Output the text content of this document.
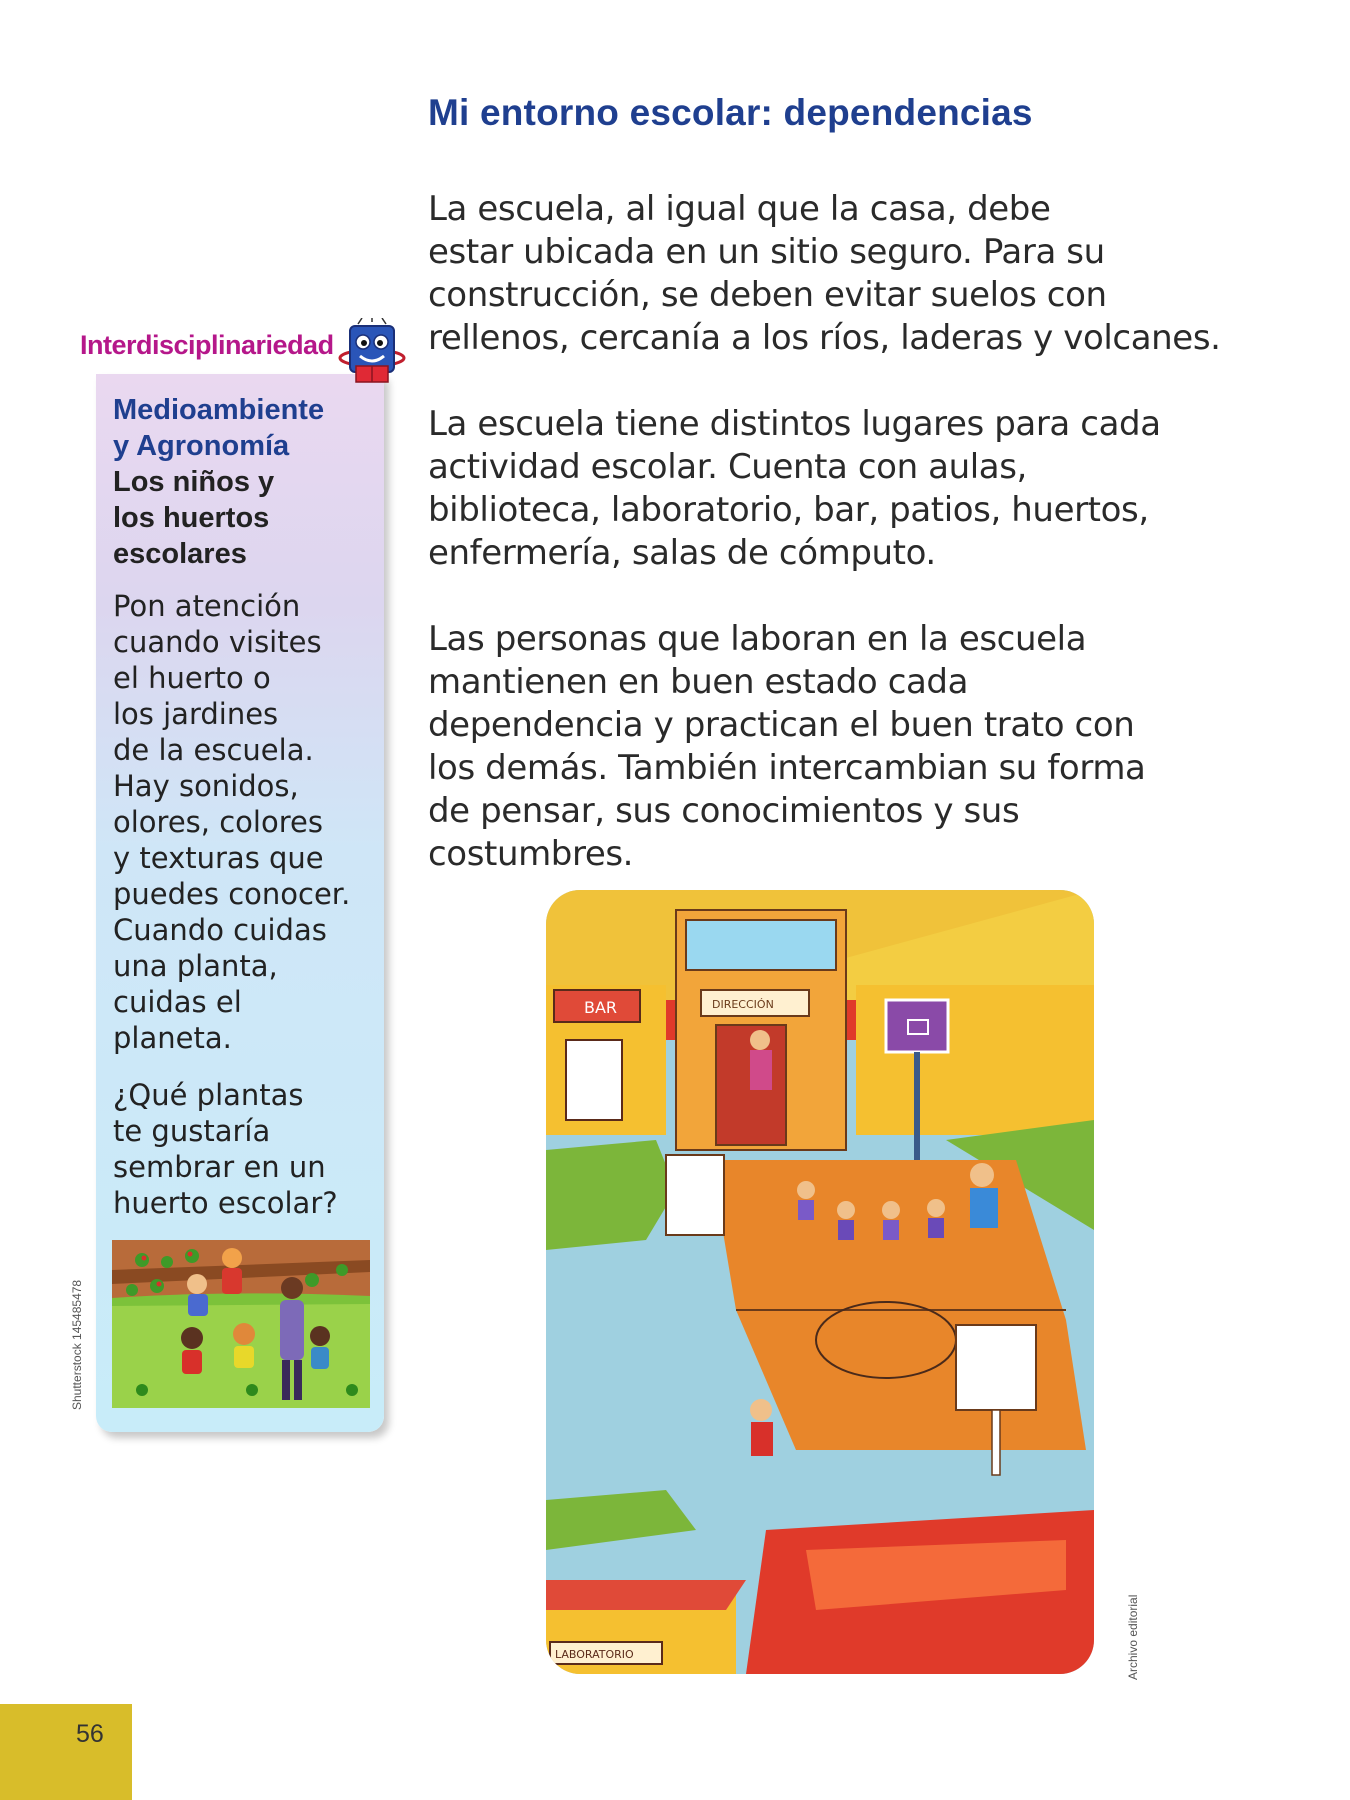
Mi entorno escolar: dependencias
La escuela, al igual que la casa, debe
estar ubicada en un sitio seguro. Para su
construcción, se deben evitar suelos con
rellenos, cercanía a los ríos, laderas y volcanes.
La escuela tiene distintos lugares para cada
actividad escolar. Cuenta con aulas,
biblioteca, laboratorio, bar, patios, huertos,
enfermería, salas de cómputo.
Las personas que laboran en la escuela
mantienen en buen estado cada
dependencia y practican el buen trato con
los demás. También intercambian su forma
de pensar, sus conocimientos y sus
costumbres.
Interdisciplinariedad
Medioambiente
y Agronomía
Los niños y
los huertos
escolares
Pon atención
cuando visites
el huerto o
los jardines
de la escuela.
Hay sonidos,
olores, colores
y texturas que
puedes conocer.
Cuando cuidas
una planta,
cuidas el
planeta.
¿Qué plantas
te gustaría
sembrar en un
huerto escolar?
Shutterstock 145485478
BAR	DIRECCIÓN
LABORATORIO	Archivo editorial
56
